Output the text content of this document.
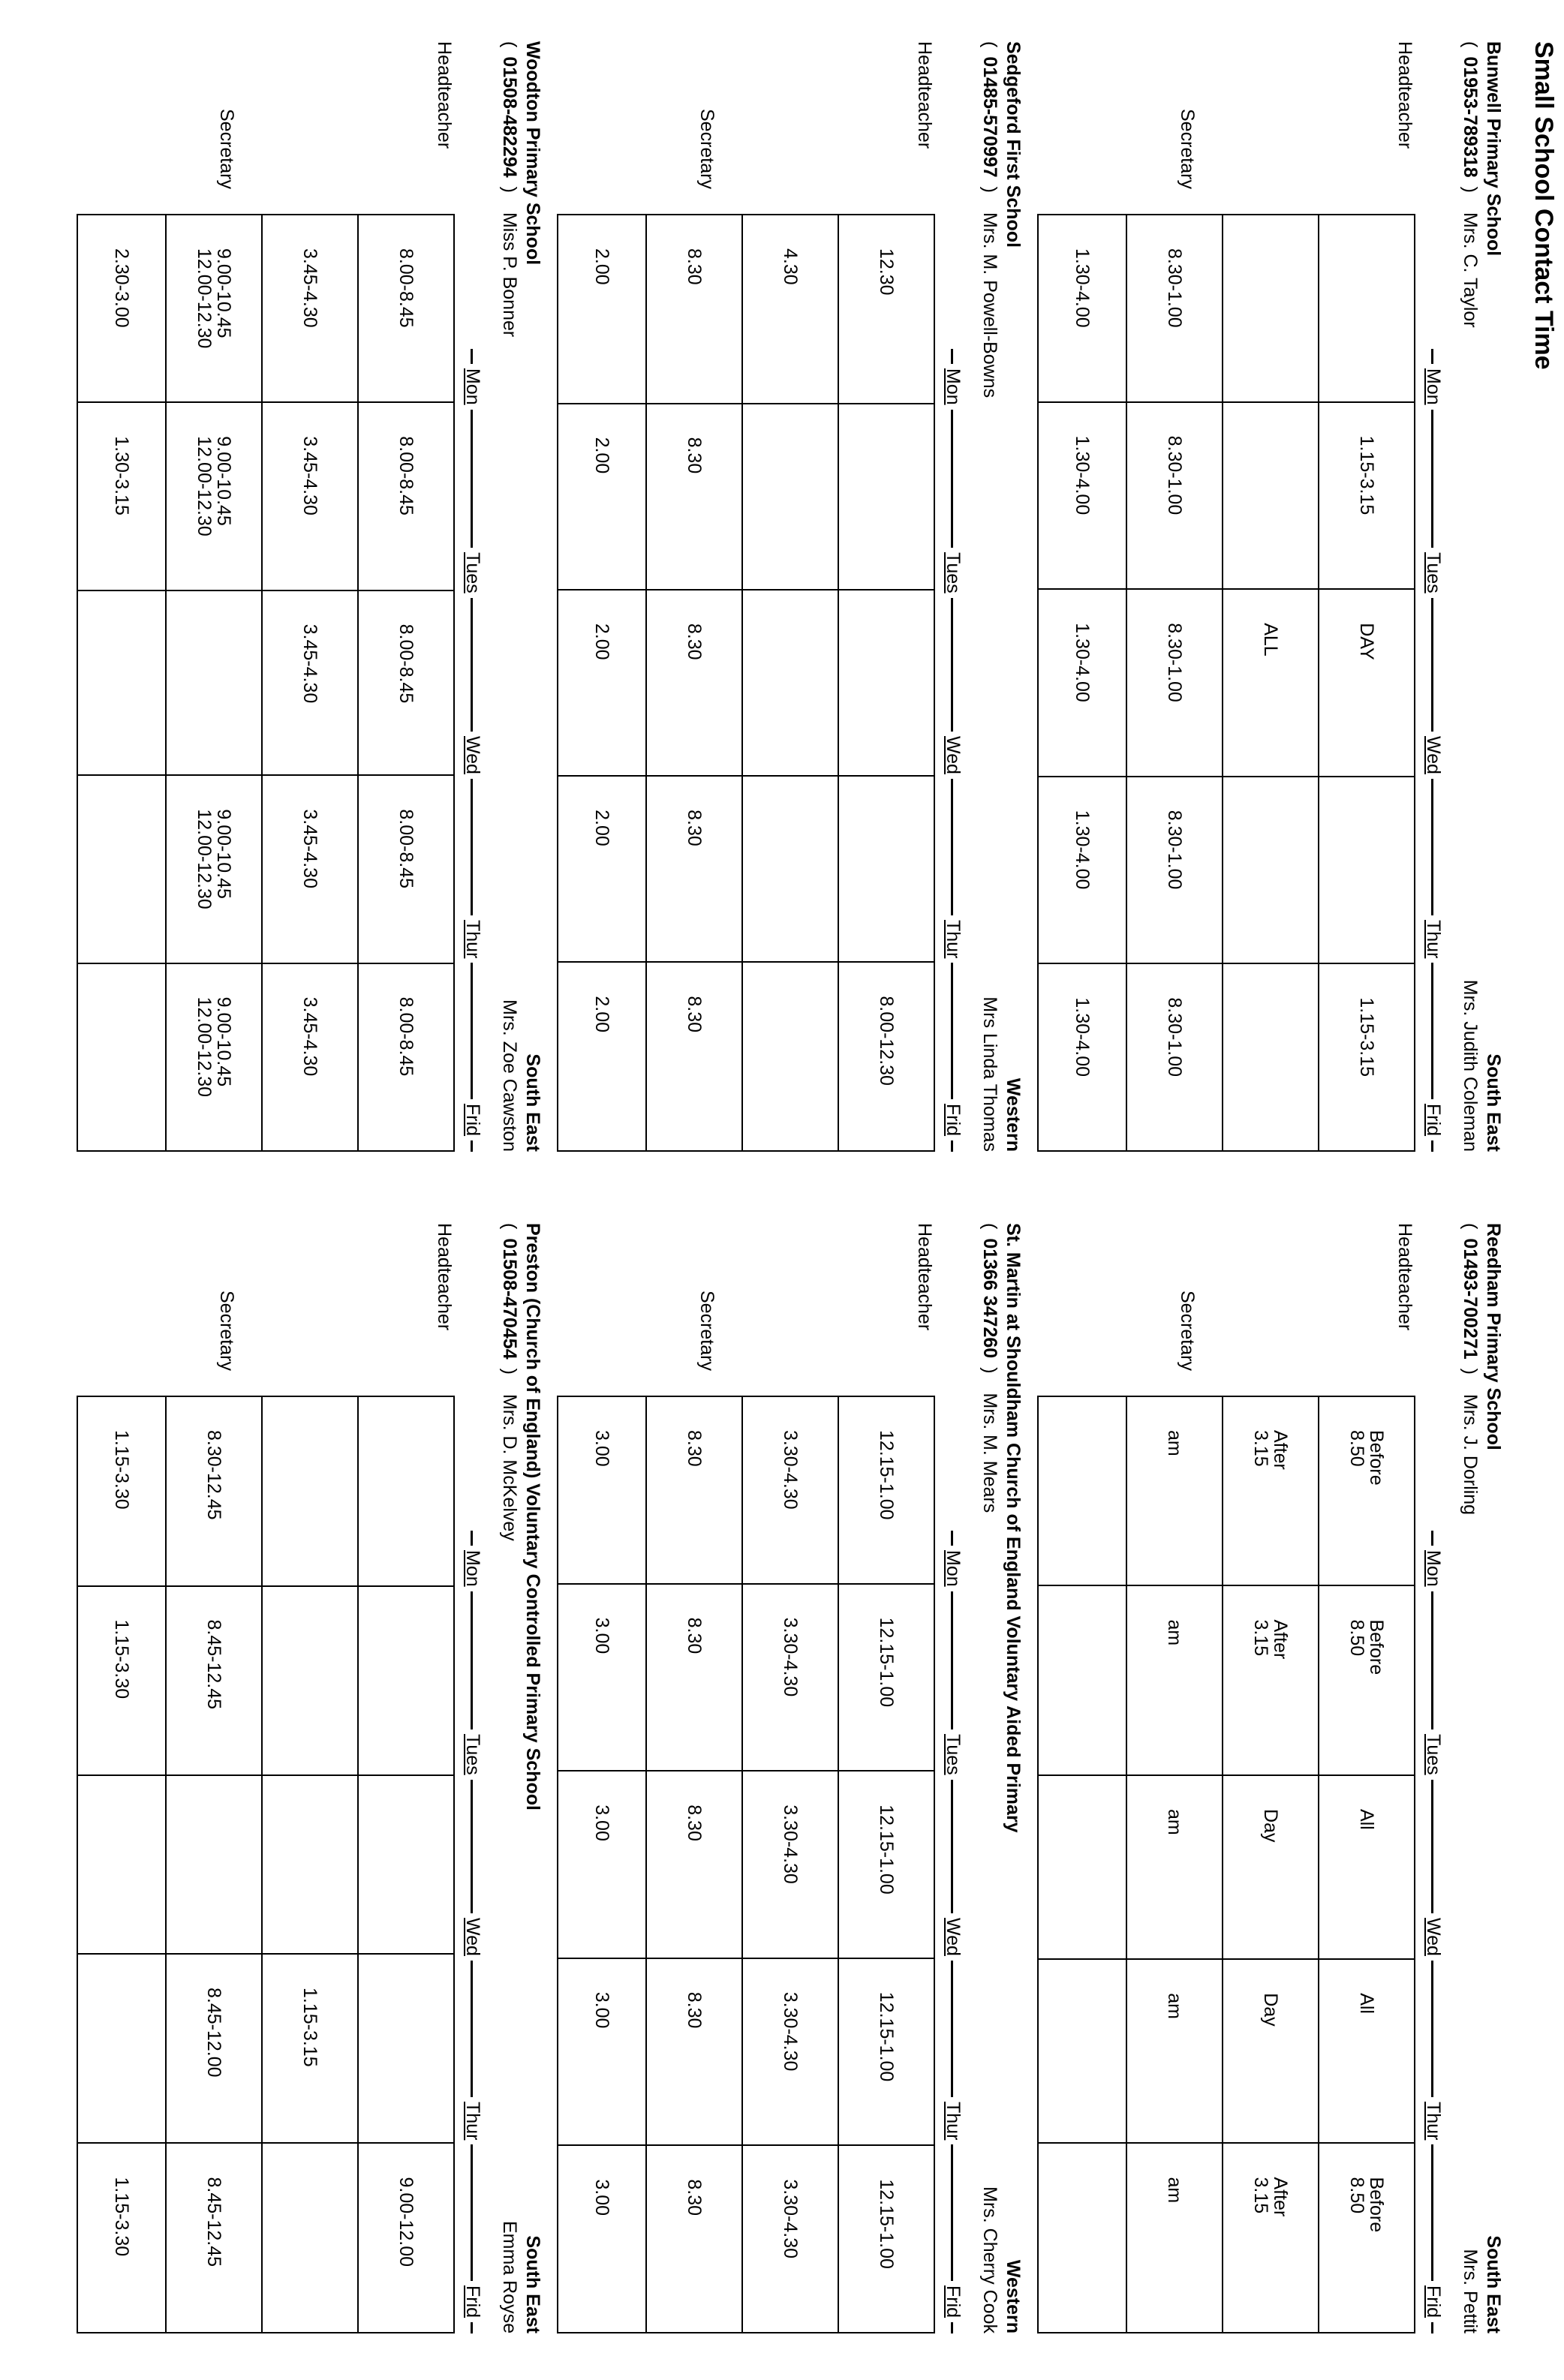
Small School Contact Time
Bunwell Primary School
South East
(01953-789318)Mrs. C. Taylor
Mrs. Judith Coleman
Mon
Tues
Wed
Thur
Frid
Headteacher
Secretary
	1.15-3.15	DAY		1.15-3.15
		ALL		
8.30-1.00	8.30-1.00	8.30-1.00	8.30-1.00	8.30-1.00
1.30-4.00	1.30-4.00	1.30-4.00	1.30-4.00	1.30-4.00
Sedgeford First School
Western
(01485-570997)Mrs. M. Powell-Bowns
Mrs Linda Thomas
Mon
Tues
Wed
Thur
Frid
Headteacher
Secretary
12.30				8.00-12.30
4.30				
8.30	8.30	8.30	8.30	8.30
2.00	2.00	2.00	2.00	2.00
Woodton Primary School
South East
(01508-482294)Miss P. Bonner
Mrs. Zoe Cawston
Mon
Tues
Wed
Thur
Frid
Headteacher
Secretary
8.00-8.45	8.00-8.45	8.00-8.45	8.00-8.45	8.00-8.45
3.45-4.30	3.45-4.30	3.45-4.30	3.45-4.30	3.45-4.30
9.00-10.45
12.00-12.30	9.00-10.45
12.00-12.30		9.00-10.45
12.00-12.30	9.00-10.45
12.00-12.30
2.30-3.00	1.30-3.15			
Reedham Primary School
South East
(01493-700271)Mrs. J. Dorling
Mrs. Pettit
Mon
Tues
Wed
Thur
Frid
Headteacher
Secretary
Before
8.50	Before
8.50	All	All	Before
8.50
After
3.15	After
3.15	Day	Day	After
3.15
am	am	am	am	am

St. Martin at Shouldham Church of England Voluntary Aided Primary
Western
(01366 347260)Mrs. M. Mears
Mrs. Cherry Cook
Mon
Tues
Wed
Thur
Frid
Headteacher
Secretary
12.15-1.00	12.15-1.00	12.15-1.00	12.15-1.00	12.15-1.00
3.30-4.30	3.30-4.30	3.30-4.30	3.30-4.30	3.30-4.30
8.30	8.30	8.30	8.30	8.30
3.00	3.00	3.00	3.00	3.00
Preston (Church of England) Voluntary Controlled Primary School
South East
(01508-470454)Mrs. D. McKelvey
Emma Royse
Mon
Tues
Wed
Thur
Frid
Headteacher
Secretary
				9.00-12.00
			1.15-3.15	
8.30-12.45	8.45-12.45		8.45-12.00	8.45-12.45
1.15-3.30	1.15-3.30			1.15-3.30
